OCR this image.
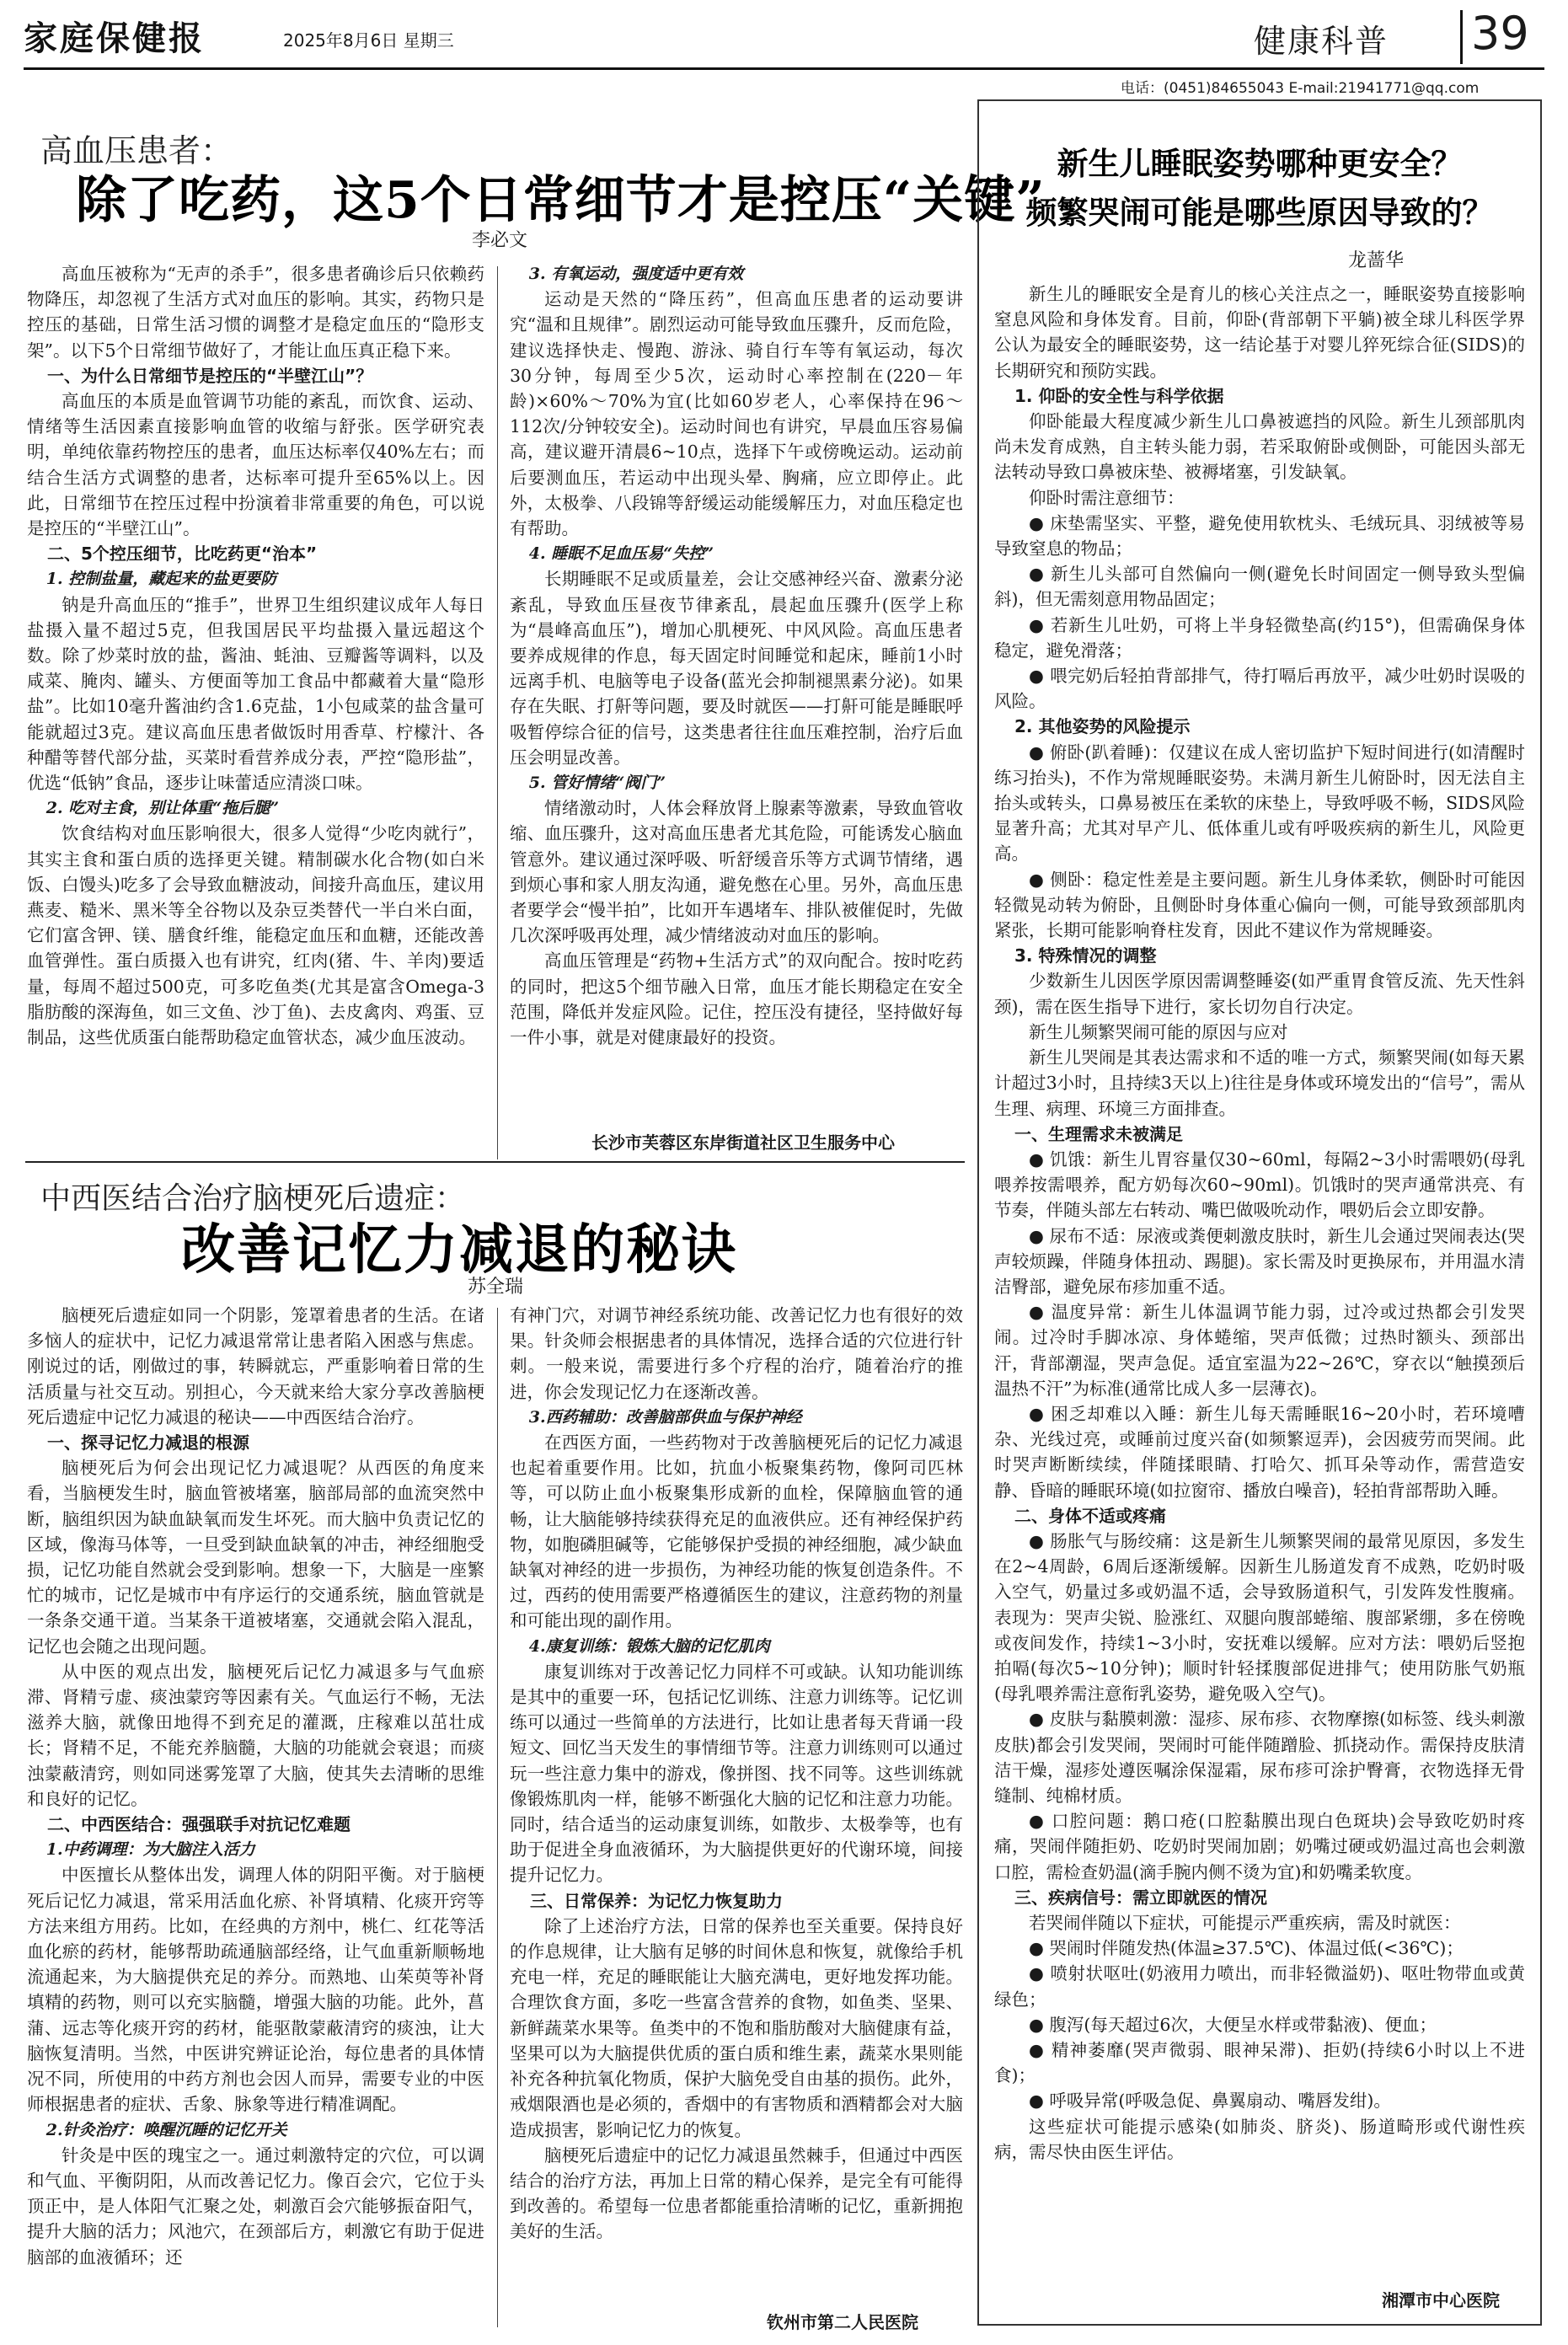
家庭保健报	2025年8月6日 星期三	健康科普 39
电话：(0451)84655043 E-mail:21941771@qq.com
高血压患者：
除了吃药，这5个日常细节才是控压“关键”
李必文

高血压被称为“无声的杀手”，很多患者确诊后只依赖药物降压，却忽视了生活方式对血压的影响。其实，药物只是控压的基础，日常生活习惯的调整才是稳定血压的“隐形支架”。以下5个日常细节做好了，才能让血压真正稳下来。

一、为什么日常细节是控压的“半壁江山”？

高血压的本质是血管调节功能的紊乱，而饮食、运动、情绪等生活因素直接影响血管的收缩与舒张。医学研究表明，单纯依靠药物控压的患者，血压达标率仅40%左右；而结合生活方式调整的患者，达标率可提升至65%以上。因此，日常细节在控压过程中扮演着非常重要的角色，可以说是控压的“半壁江山”。

二、5个控压细节，比吃药更“治本”
1. 控制盐量，藏起来的盐更要防

钠是升高血压的“推手”，世界卫生组织建议成年人每日盐摄入量不超过5克，但我国居民平均盐摄入量远超这个数。除了炒菜时放的盐，酱油、蚝油、豆瓣酱等调料，以及咸菜、腌肉、罐头、方便面等加工食品中都藏着大量“隐形盐”。比如10毫升酱油约含1.6克盐，1小包咸菜的盐含量可能就超过3克。建议高血压患者做饭时用香草、柠檬汁、各种醋等替代部分盐，买菜时看营养成分表，严控“隐形盐”，优选“低钠”食品，逐步让味蕾适应清淡口味。

2. 吃对主食，别让体重“拖后腿”

饮食结构对血压影响很大，很多人觉得“少吃肉就行”，其实主食和蛋白质的选择更关键。精制碳水化合物(如白米饭、白馒头)吃多了会导致血糖波动，间接升高血压，建议用燕麦、糙米、黑米等全谷物以及杂豆类替代一半白米白面，它们富含钾、镁、膳食纤维，能稳定血压和血糖，还能改善血管弹性。蛋白质摄入也有讲究，红肉(猪、牛、羊肉)要适量，每周不超过500克，可多吃鱼类(尤其是富含Omega-3脂肪酸的深海鱼，如三文鱼、沙丁鱼)、去皮禽肉、鸡蛋、豆制品，这些优质蛋白能帮助稳定血管状态，减少血压波动。

3. 有氧运动，强度适中更有效

运动是天然的“降压药”，但高血压患者的运动要讲究“温和且规律”。剧烈运动可能导致血压骤升，反而危险，建议选择快走、慢跑、游泳、骑自行车等有氧运动，每次30分钟，每周至少5次，运动时心率控制在(220－年龄)×60%～70%为宜(比如60岁老人，心率保持在96～112次/分钟较安全)。运动时间也有讲究，早晨血压容易偏高，建议避开清晨6~10点，选择下午或傍晚运动。运动前后要测血压，若运动中出现头晕、胸痛，应立即停止。此外，太极拳、八段锦等舒缓运动能缓解压力，对血压稳定也有帮助。

4. 睡眠不足血压易“失控”

长期睡眠不足或质量差，会让交感神经兴奋、激素分泌紊乱，导致血压昼夜节律紊乱，晨起血压骤升(医学上称为“晨峰高血压”)，增加心肌梗死、中风风险。高血压患者要养成规律的作息，每天固定时间睡觉和起床，睡前1小时远离手机、电脑等电子设备(蓝光会抑制褪黑素分泌)。如果存在失眠、打鼾等问题，要及时就医——打鼾可能是睡眠呼吸暂停综合征的信号，这类患者往往血压难控制，治疗后血压会明显改善。

5. 管好情绪“阀门”

情绪激动时，人体会释放肾上腺素等激素，导致血管收缩、血压骤升，这对高血压患者尤其危险，可能诱发心脑血管意外。建议通过深呼吸、听舒缓音乐等方式调节情绪，遇到烦心事和家人朋友沟通，避免憋在心里。另外，高血压患者要学会“慢半拍”，比如开车遇堵车、排队被催促时，先做几次深呼吸再处理，减少情绪波动对血压的影响。

高血压管理是“药物+生活方式”的双向配合。按时吃药的同时，把这5个细节融入日常，血压才能长期稳定在安全范围，降低并发症风险。记住，控压没有捷径，坚持做好每一件小事，就是对健康最好的投资。

长沙市芙蓉区东岸街道社区卫生服务中心
中西医结合治疗脑梗死后遗症：
改善记忆力减退的秘诀
苏全瑞

脑梗死后遗症如同一个阴影，笼罩着患者的生活。在诸多恼人的症状中，记忆力减退常常让患者陷入困惑与焦虑。刚说过的话，刚做过的事，转瞬就忘，严重影响着日常的生活质量与社交互动。别担心，今天就来给大家分享改善脑梗死后遗症中记忆力减退的秘诀——中西医结合治疗。

一、探寻记忆力减退的根源

脑梗死后为何会出现记忆力减退呢？从西医的角度来看，当脑梗发生时，脑血管被堵塞，脑部局部的血流突然中断，脑组织因为缺血缺氧而发生坏死。而大脑中负责记忆的区域，像海马体等，一旦受到缺血缺氧的冲击，神经细胞受损，记忆功能自然就会受到影响。想象一下，大脑是一座繁忙的城市，记忆是城市中有序运行的交通系统，脑血管就是一条条交通干道。当某条干道被堵塞，交通就会陷入混乱，记忆也会随之出现问题。

从中医的观点出发，脑梗死后记忆力减退多与气血瘀滞、肾精亏虚、痰浊蒙窍等因素有关。气血运行不畅，无法滋养大脑，就像田地得不到充足的灌溉，庄稼难以茁壮成长；肾精不足，不能充养脑髓，大脑的功能就会衰退；而痰浊蒙蔽清窍，则如同迷雾笼罩了大脑，使其失去清晰的思维和良好的记忆。

二、中西医结合：强强联手对抗记忆难题
1.中药调理：为大脑注入活力

中医擅长从整体出发，调理人体的阴阳平衡。对于脑梗死后记忆力减退，常采用活血化瘀、补肾填精、化痰开窍等方法来组方用药。比如，在经典的方剂中，桃仁、红花等活血化瘀的药材，能够帮助疏通脑部经络，让气血重新顺畅地流通起来，为大脑提供充足的养分。而熟地、山茱萸等补肾填精的药物，则可以充实脑髓，增强大脑的功能。此外，菖蒲、远志等化痰开窍的药材，能驱散蒙蔽清窍的痰浊，让大脑恢复清明。当然，中医讲究辨证论治，每位患者的具体情况不同，所使用的中药方剂也会因人而异，需要专业的中医师根据患者的症状、舌象、脉象等进行精准调配。

2.针灸治疗：唤醒沉睡的记忆开关

针灸是中医的瑰宝之一。通过刺激特定的穴位，可以调和气血、平衡阴阳，从而改善记忆力。像百会穴，它位于头顶正中，是人体阳气汇聚之处，刺激百会穴能够振奋阳气，提升大脑的活力；风池穴，在颈部后方，刺激它有助于促进脑部的血液循环；还

有神门穴，对调节神经系统功能、改善记忆力也有很好的效果。针灸师会根据患者的具体情况，选择合适的穴位进行针刺。一般来说，需要进行多个疗程的治疗，随着治疗的推进，你会发现记忆力在逐渐改善。

3.西药辅助：改善脑部供血与保护神经

在西医方面，一些药物对于改善脑梗死后的记忆力减退也起着重要作用。比如，抗血小板聚集药物，像阿司匹林等，可以防止血小板聚集形成新的血栓，保障脑血管的通畅，让大脑能够持续获得充足的血液供应。还有神经保护药物，如胞磷胆碱等，它能够保护受损的神经细胞，减少缺血缺氧对神经的进一步损伤，为神经功能的恢复创造条件。不过，西药的使用需要严格遵循医生的建议，注意药物的剂量和可能出现的副作用。

4.康复训练：锻炼大脑的记忆肌肉

康复训练对于改善记忆力同样不可或缺。认知功能训练是其中的重要一环，包括记忆训练、注意力训练等。记忆训练可以通过一些简单的方法进行，比如让患者每天背诵一段短文、回忆当天发生的事情细节等。注意力训练则可以通过玩一些注意力集中的游戏，像拼图、找不同等。这些训练就像锻炼肌肉一样，能够不断强化大脑的记忆和注意力功能。同时，结合适当的运动康复训练，如散步、太极拳等，也有助于促进全身血液循环，为大脑提供更好的代谢环境，间接提升记忆力。

三、日常保养：为记忆力恢复助力

除了上述治疗方法，日常的保养也至关重要。保持良好的作息规律，让大脑有足够的时间休息和恢复，就像给手机充电一样，充足的睡眠能让大脑充满电，更好地发挥功能。合理饮食方面，多吃一些富含营养的食物，如鱼类、坚果、新鲜蔬菜水果等。鱼类中的不饱和脂肪酸对大脑健康有益，坚果可以为大脑提供优质的蛋白质和维生素，蔬菜水果则能补充各种抗氧化物质，保护大脑免受自由基的损伤。此外，戒烟限酒也是必须的，香烟中的有害物质和酒精都会对大脑造成损害，影响记忆力的恢复。

脑梗死后遗症中的记忆力减退虽然棘手，但通过中西医结合的治疗方法，再加上日常的精心保养，是完全有可能得到改善的。希望每一位患者都能重拾清晰的记忆，重新拥抱美好的生活。

钦州市第二人民医院
新生儿睡眠姿势哪种更安全？
频繁哭闹可能是哪些原因导致的？
龙蔷华

新生儿的睡眠安全是育儿的核心关注点之一，睡眠姿势直接影响窒息风险和身体发育。目前，仰卧(背部朝下平躺)被全球儿科医学界公认为最安全的睡眠姿势，这一结论基于对婴儿猝死综合征(SIDS)的长期研究和预防实践。

1. 仰卧的安全性与科学依据

仰卧能最大程度减少新生儿口鼻被遮挡的风险。新生儿颈部肌肉尚未发育成熟，自主转头能力弱，若采取俯卧或侧卧，可能因头部无法转动导致口鼻被床垫、被褥堵塞，引发缺氧。

仰卧时需注意细节：

● 床垫需坚实、平整，避免使用软枕头、毛绒玩具、羽绒被等易导致窒息的物品；

● 新生儿头部可自然偏向一侧(避免长时间固定一侧导致头型偏斜)，但无需刻意用物品固定；

● 若新生儿吐奶，可将上半身轻微垫高(约15°)，但需确保身体稳定，避免滑落；

● 喂完奶后轻拍背部排气，待打嗝后再放平，减少吐奶时误吸的风险。

2. 其他姿势的风险提示

● 俯卧(趴着睡)：仅建议在成人密切监护下短时间进行(如清醒时练习抬头)，不作为常规睡眠姿势。未满月新生儿俯卧时，因无法自主抬头或转头，口鼻易被压在柔软的床垫上，导致呼吸不畅，SIDS风险显著升高；尤其对早产儿、低体重儿或有呼吸疾病的新生儿，风险更高。

● 侧卧：稳定性差是主要问题。新生儿身体柔软，侧卧时可能因轻微晃动转为俯卧，且侧卧时身体重心偏向一侧，可能导致颈部肌肉紧张，长期可能影响脊柱发育，因此不建议作为常规睡姿。

3. 特殊情况的调整

少数新生儿因医学原因需调整睡姿(如严重胃食管反流、先天性斜颈)，需在医生指导下进行，家长切勿自行决定。

新生儿频繁哭闹可能的原因与应对

新生儿哭闹是其表达需求和不适的唯一方式，频繁哭闹(如每天累计超过3小时，且持续3天以上)往往是身体或环境发出的“信号”，需从生理、病理、环境三方面排查。

一、生理需求未被满足

● 饥饿：新生儿胃容量仅30~60ml，每隔2~3小时需喂奶(母乳喂养按需喂养，配方奶每次60~90ml)。饥饿时的哭声通常洪亮、有节奏，伴随头部左右转动、嘴巴做吸吮动作，喂奶后会立即安静。

● 尿布不适：尿液或粪便刺激皮肤时，新生儿会通过哭闹表达(哭声较烦躁，伴随身体扭动、踢腿)。家长需及时更换尿布，并用温水清洁臀部，避免尿布疹加重不适。

● 温度异常：新生儿体温调节能力弱，过冷或过热都会引发哭闹。过冷时手脚冰凉、身体蜷缩，哭声低微；过热时额头、颈部出汗，背部潮湿，哭声急促。适宜室温为22~26℃，穿衣以“触摸颈后温热不汗”为标准(通常比成人多一层薄衣)。

● 困乏却难以入睡：新生儿每天需睡眠16~20小时，若环境嘈杂、光线过亮，或睡前过度兴奋(如频繁逗弄)，会因疲劳而哭闹。此时哭声断断续续，伴随揉眼睛、打哈欠、抓耳朵等动作，需营造安静、昏暗的睡眠环境(如拉窗帘、播放白噪音)，轻拍背部帮助入睡。

二、身体不适或疼痛

● 肠胀气与肠绞痛：这是新生儿频繁哭闹的最常见原因，多发生在2~4周龄，6周后逐渐缓解。因新生儿肠道发育不成熟，吃奶时吸入空气，奶量过多或奶温不适，会导致肠道积气，引发阵发性腹痛。表现为：哭声尖锐、脸涨红、双腿向腹部蜷缩、腹部紧绷，多在傍晚或夜间发作，持续1~3小时，安抚难以缓解。应对方法：喂奶后竖抱拍嗝(每次5~10分钟)；顺时针轻揉腹部促进排气；使用防胀气奶瓶(母乳喂养需注意衔乳姿势，避免吸入空气)。

● 皮肤与黏膜刺激：湿疹、尿布疹、衣物摩擦(如标签、线头刺激皮肤)都会引发哭闹，哭闹时可能伴随蹭脸、抓挠动作。需保持皮肤清洁干燥，湿疹处遵医嘱涂保湿霜，尿布疹可涂护臀膏，衣物选择无骨缝制、纯棉材质。

● 口腔问题：鹅口疮(口腔黏膜出现白色斑块)会导致吃奶时疼痛，哭闹伴随拒奶、吃奶时哭闹加剧；奶嘴过硬或奶温过高也会刺激口腔，需检查奶温(滴手腕内侧不烫为宜)和奶嘴柔软度。

三、疾病信号：需立即就医的情况

若哭闹伴随以下症状，可能提示严重疾病，需及时就医：

● 哭闹时伴随发热(体温≥37.5℃)、体温过低(<36℃)；

● 喷射状呕吐(奶液用力喷出，而非轻微溢奶)、呕吐物带血或黄绿色；

● 腹泻(每天超过6次，大便呈水样或带黏液)、便血；

● 精神萎靡(哭声微弱、眼神呆滞)、拒奶(持续6小时以上不进食)；

● 呼吸异常(呼吸急促、鼻翼扇动、嘴唇发绀)。

这些症状可能提示感染(如肺炎、脐炎)、肠道畸形或代谢性疾病，需尽快由医生评估。

湘潭市中心医院
